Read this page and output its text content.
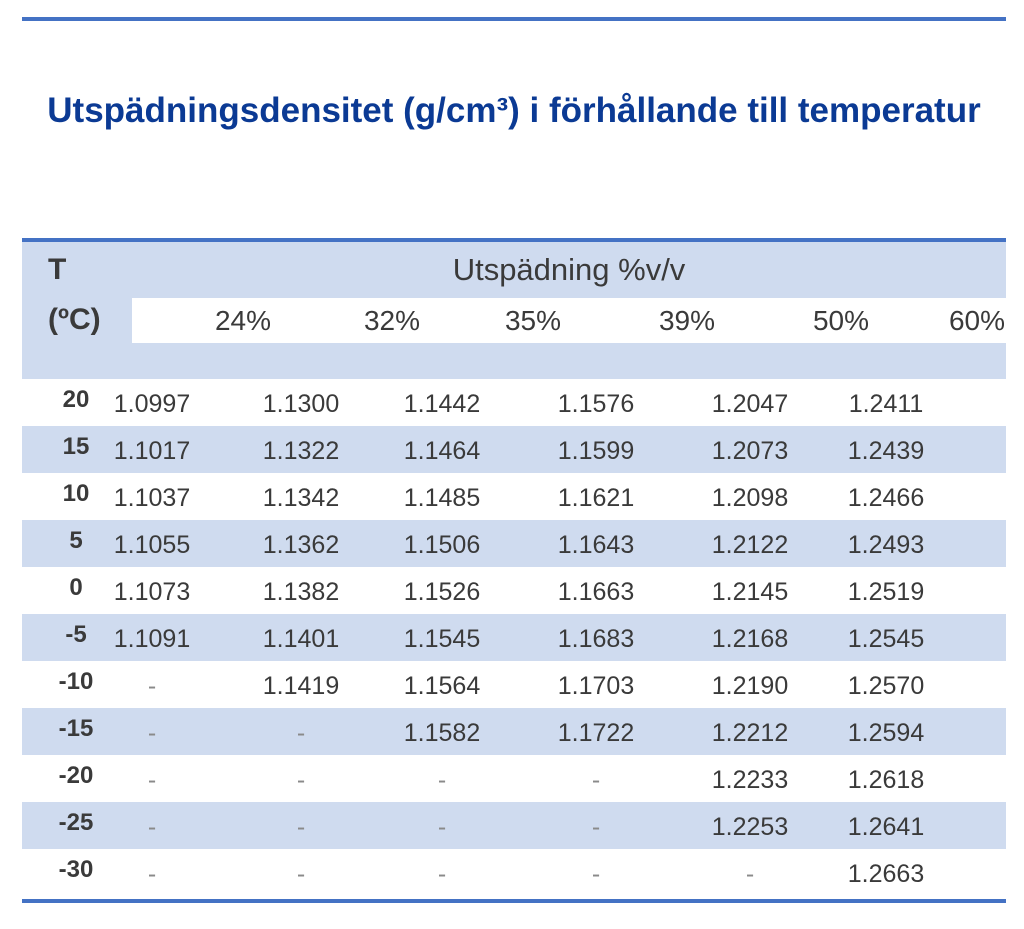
Utspädningsdensitet (g/cm³) i förhållande till temperatur
T
(ºC)
Utspädning %v/v
24%	32%	35%	39%	50%	60%
20 1.0997	1.1300	1.1442	1.1576	1.2047	1.2411
15 1.1017	1.1322	1.1464	1.1599	1.2073	1.2439
10 1.1037	1.1342	1.1485	1.1621	1.2098	1.2466
5	1.1055	1.1362	1.1506	1.1643	1.2122	1.2493
0	1.1073	1.1382	1.1526	1.1663	1.2145	1.2519
-5	1.1091	1.1401	1.1545	1.1683	1.2168	1.2545
-10	-	1.1419	1.1564	1.1703	1.2190	1.2570
-15	-	-	1.1582	1.1722	1.2212	1.2594
-20	-	-	-	-	1.2233	1.2618
-25	-	-	-	-	1.2253	1.2641
-30	-	-	-	-	-	1.2663
